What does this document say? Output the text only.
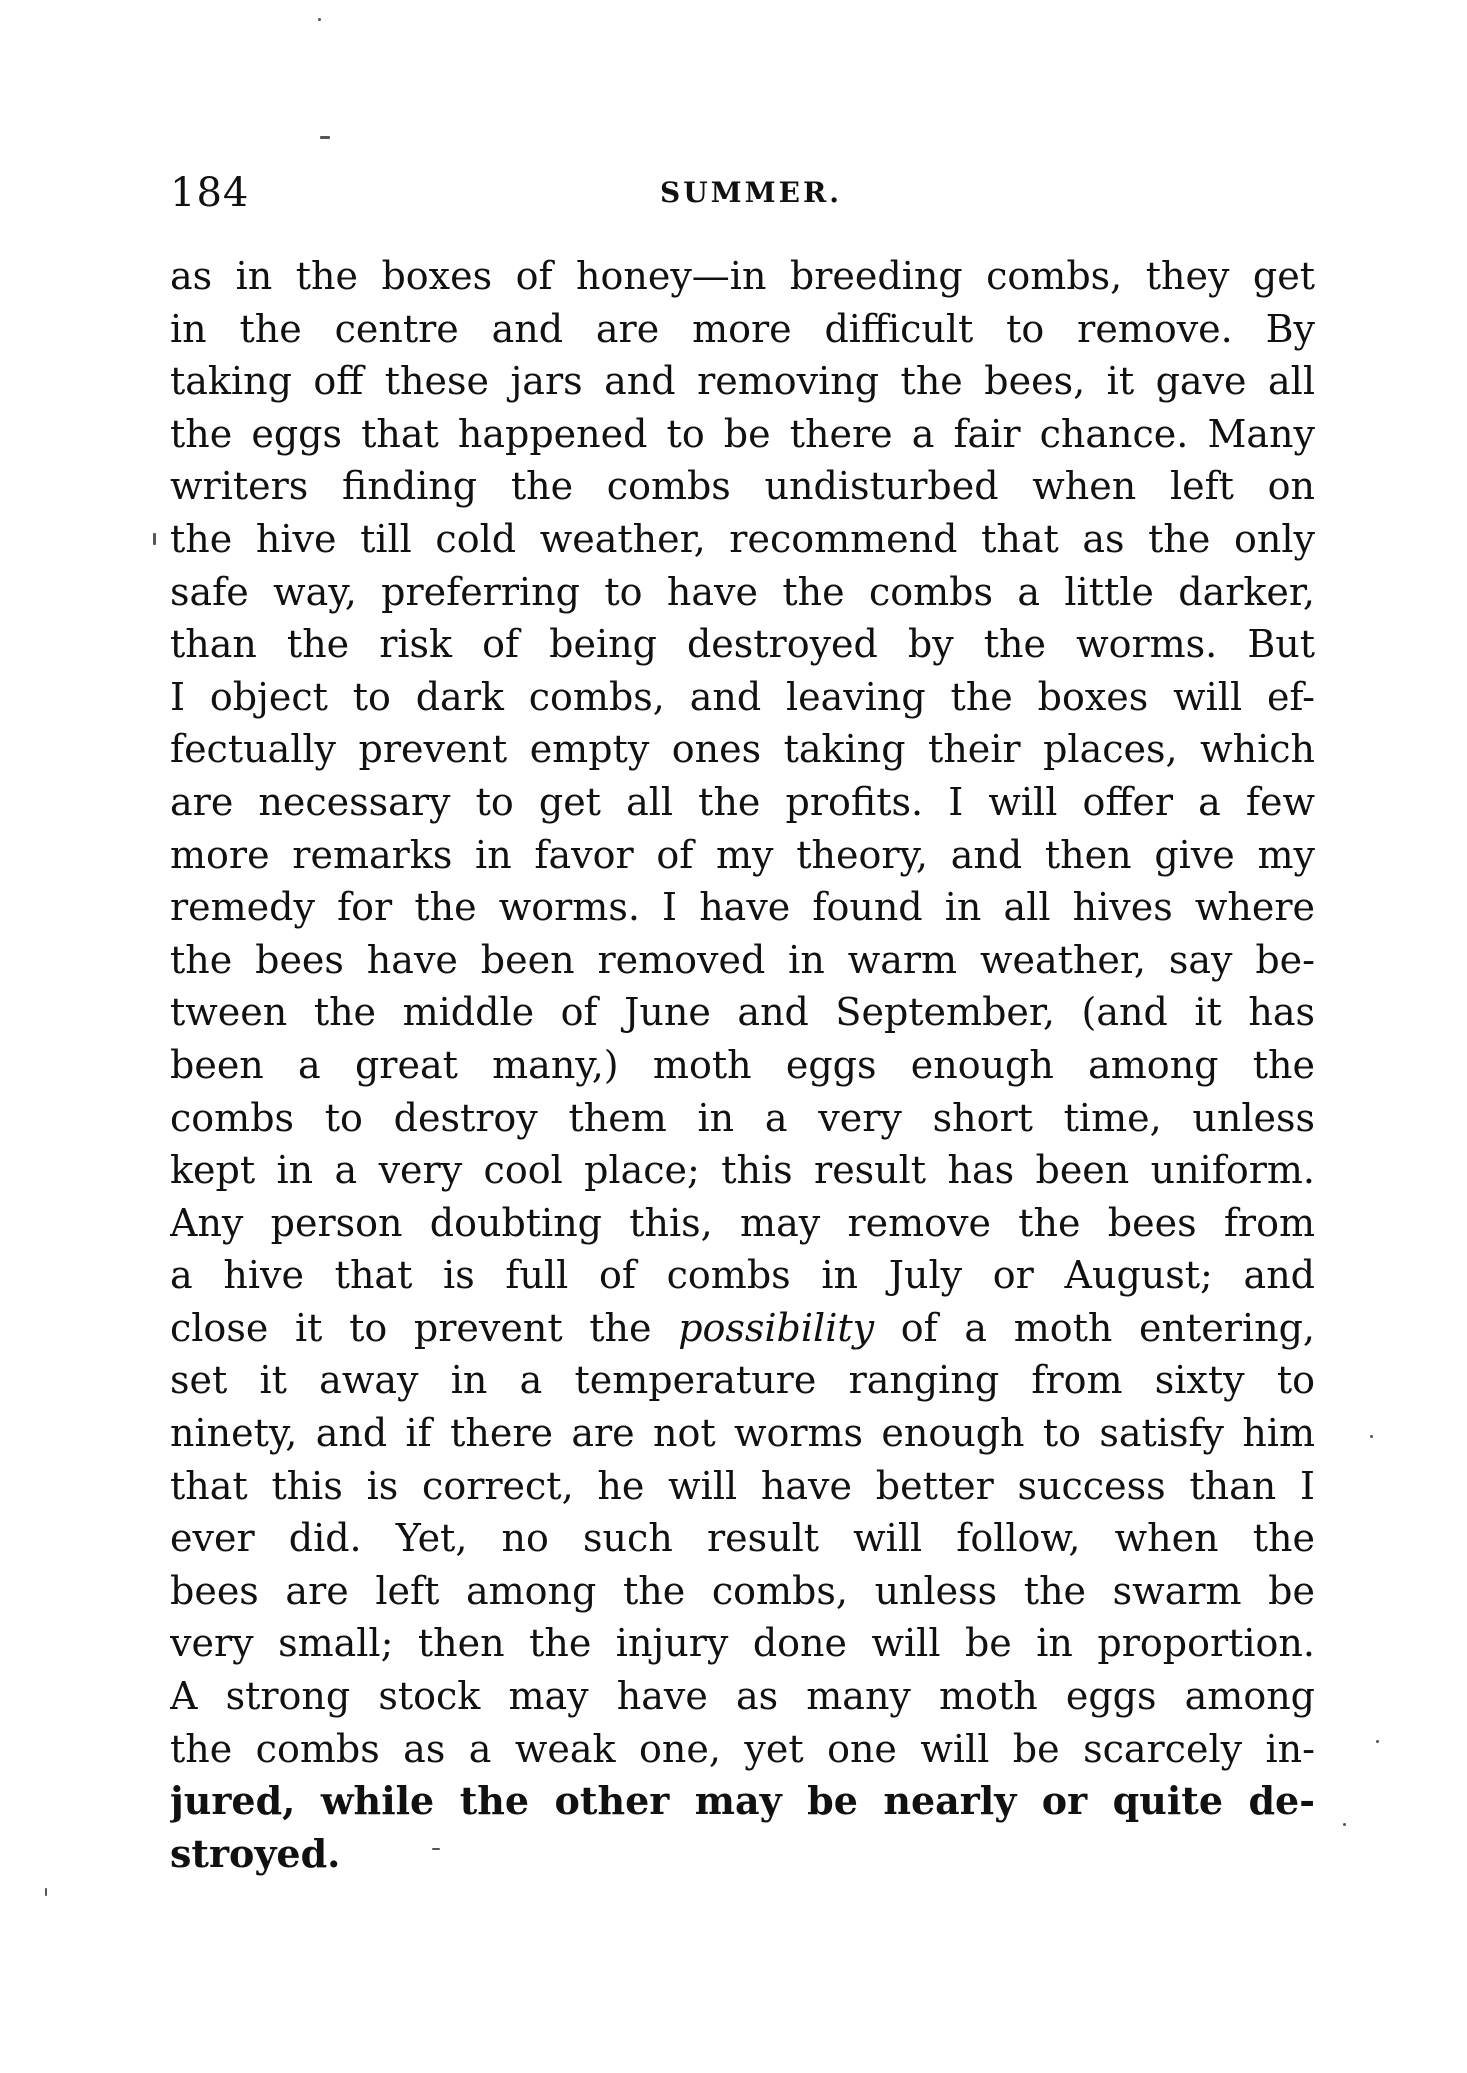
184	SUMMER.
as in the boxes of honey—in breeding combs, they get
in the centre and are more difficult to remove. By
taking off these jars and removing the bees, it gave all
the eggs that happened to be there a fair chance. Many
writers finding the combs undisturbed when left on
the hive till cold weather, recommend that as the only
safe way, preferring to have the combs a little darker,
than the risk of being destroyed by the worms. But
I object to dark combs, and leaving the boxes will ef-
fectually prevent empty ones taking their places, which
are necessary to get all the profits. I will offer a few
more remarks in favor of my theory, and then give my
remedy for the worms. I have found in all hives where
the bees have been removed in warm weather, say be-
tween the middle of June and September, (and it has
been a great many,) moth eggs enough among the
combs to destroy them in a very short time, unless
kept in a very cool place; this result has been uniform.
Any person doubting this, may remove the bees from
a hive that is full of combs in July or August; and
close it to prevent the possibility of a moth entering,
set it away in a temperature ranging from sixty to
ninety, and if there are not worms enough to satisfy him
that this is correct, he will have better success than I
ever did. Yet, no such result will follow, when the
bees are left among the combs, unless the swarm be
very small; then the injury done will be in proportion.
A strong stock may have as many moth eggs among
the combs as a weak one, yet one will be scarcely in-
jured, while the other may be nearly or quite de-
stroyed.
